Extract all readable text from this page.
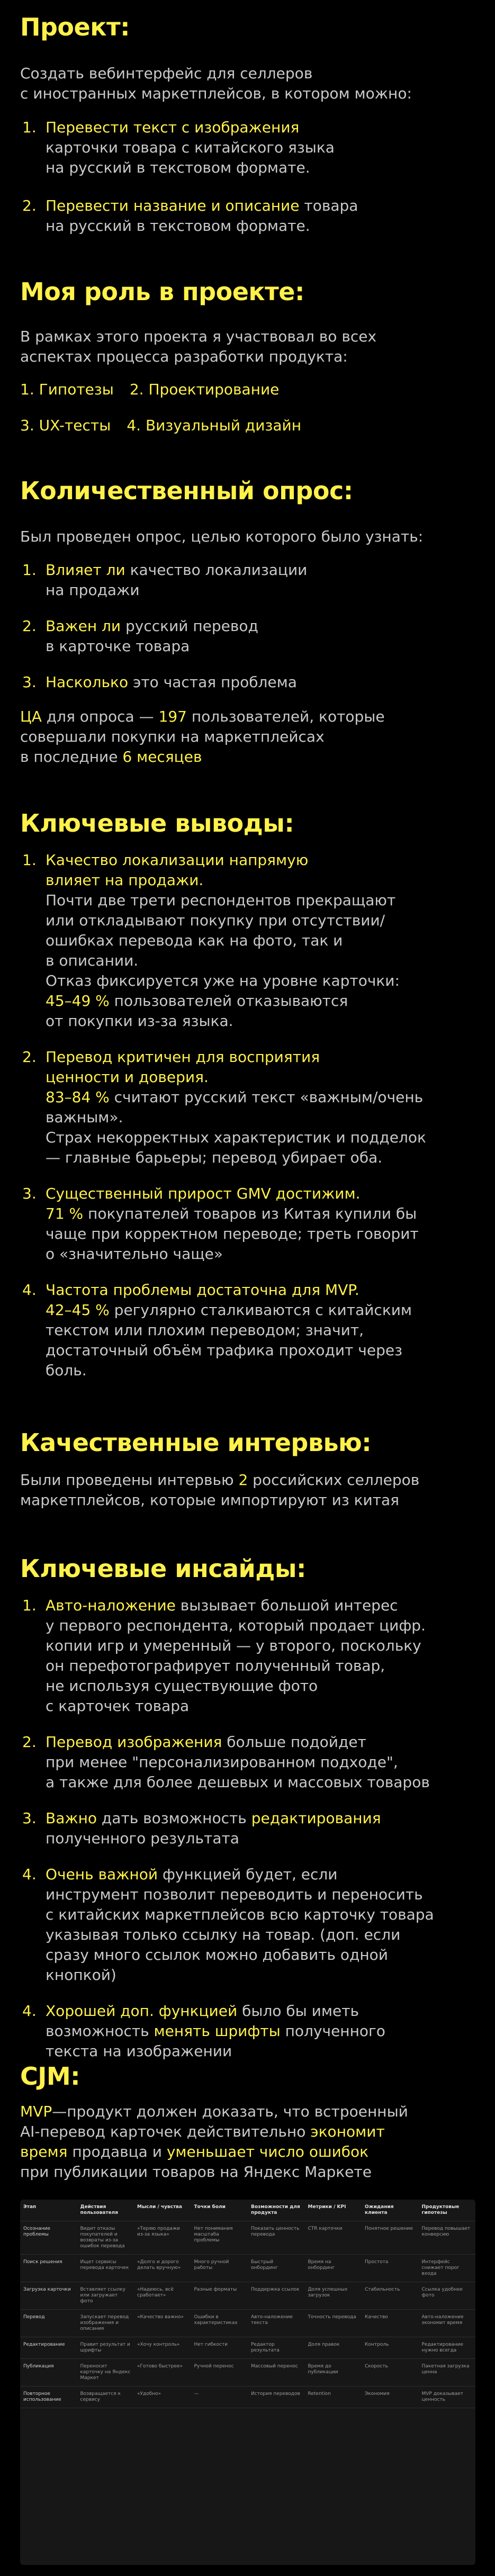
Проект:

Создать вебинтерфейс для селлеров
с иностранных маркетплейсов, в котором можно:

1. Перевести текст с изображения
карточки товара с китайского языка
на русский в текстовом формате.
2. Перевести название и описание товара
на русский в текстовом формате.
Моя роль в проекте:

В рамках этого проекта я участвовал во всех
аспектах процесса разработки продукта:

1. Гипотезы 2. Проектирование
3. UX-тесты 4. Визуальный дизайн
Количественный опрос:

Был проведен опрос, целью которого было узнать:

1. Влияет ли качество локализации
на продажи
2. Важен ли русский перевод
в карточке товара
3. Насколько это частая проблема

ЦА для опроса — 197 пользователей, которые
совершали покупки на маркетплейсах
в последние 6 месяцев

Ключевые выводы:
1. Качество локализации напрямую
влияет на продажи.
Почти две трети респондентов прекращают
или откладывают покупку при отсутствии/
ошибках перевода как на фото, так и
в описании.
Отказ фиксируется уже на уровне карточки:
45–49 % пользователей отказываются
от покупки из-за языка.
2. Перевод критичен для восприятия
ценности и доверия.
83–84 % считают русский текст «важным/очень
важным».
Страх некорректных характеристик и подделок
— главные барьеры; перевод убирает оба.
3. Существенный прирост GMV достижим.
71 % покупателей товаров из Китая купили бы
чаще при корректном переводе; треть говорит
о «значительно чаще»
4. Частота проблемы достаточна для MVP.
42–45 % регулярно сталкиваются с китайским
текстом или плохим переводом; значит,
достаточный объём трафика проходит через
боль.
Качественные интервью:

Были проведены интервью 2 российских селлеров
маркетплейсов, которые импортируют из китая

Ключевые инсайды:
1. Авто-наложение вызывает большой интерес
у первого респондента, который продает цифр.
копии игр и умеренный — у второго, поскольку
он перефотографирует полученный товар,
не используя существующие фото
с карточек товара
2. Перевод изображения больше подойдет
при менее "персонализированном подходе",
а также для более дешевых и массовых товаров
3. Важно дать возможность редактирования
полученного результата
4. Очень важной функцией будет, если
инструмент позволит переводить и переносить
с китайских маркетплейсов всю карточку товара
указывая только ссылку на товар. (доп. если
сразу много ссылок можно добавить одной
кнопкой)
4. Хорошей доп. функцией было бы иметь
возможность менять шрифты полученного
текста на изображении
CJM:

MVP—продукт должен доказать, что встроенный
AI-перевод карточек действительно экономит
время продавца и уменьшает число ошибок
при публикации товаров на Яндекс Маркете

Этап	Действия пользователя	Мысли / чувства	Точки боли	Возможности для продукта	Метрики / KPI	Ожидания клиента	Продуктовые гипотезы
Осознание проблемы	Видит отказы покупателей и возвраты из-за ошибок перевода	«Теряю продажи из-за языка»	Нет понимания масштаба проблемы	Показать ценность перевода	CTR карточки	Понятное решение	Перевод повышает конверсию
Поиск решения	Ищет сервисы перевода карточек	«Долго и дорого делать вручную»	Много ручной работы	Быстрый онбординг	Время на онбординг	Простота	Интерфейс снижает порог входа
Загрузка карточки	Вставляет ссылку или загружает фото	«Надеюсь, всё сработает»	Разные форматы	Поддержка ссылок	Доля успешных загрузок	Стабильность	Ссылка удобнее фото
Перевод	Запускает перевод изображения и описания	«Качество важно»	Ошибки в характеристиках	Авто-наложение текста	Точность перевода	Качество	Авто-наложение экономит время
Редактирование	Правит результат и шрифты	«Хочу контроль»	Нет гибкости	Редактор результата	Доля правок	Контроль	Редактирование нужно всегда
Публикация	Переносит карточку на Яндекс Маркет	«Готово быстрее»	Ручной перенос	Массовый перенос	Время до публикации	Скорость	Пакетная загрузка ценна
Повторное использование	Возвращается к сервису	«Удобно»	—	История переводов	Retention	Экономия	MVP доказывает ценность
